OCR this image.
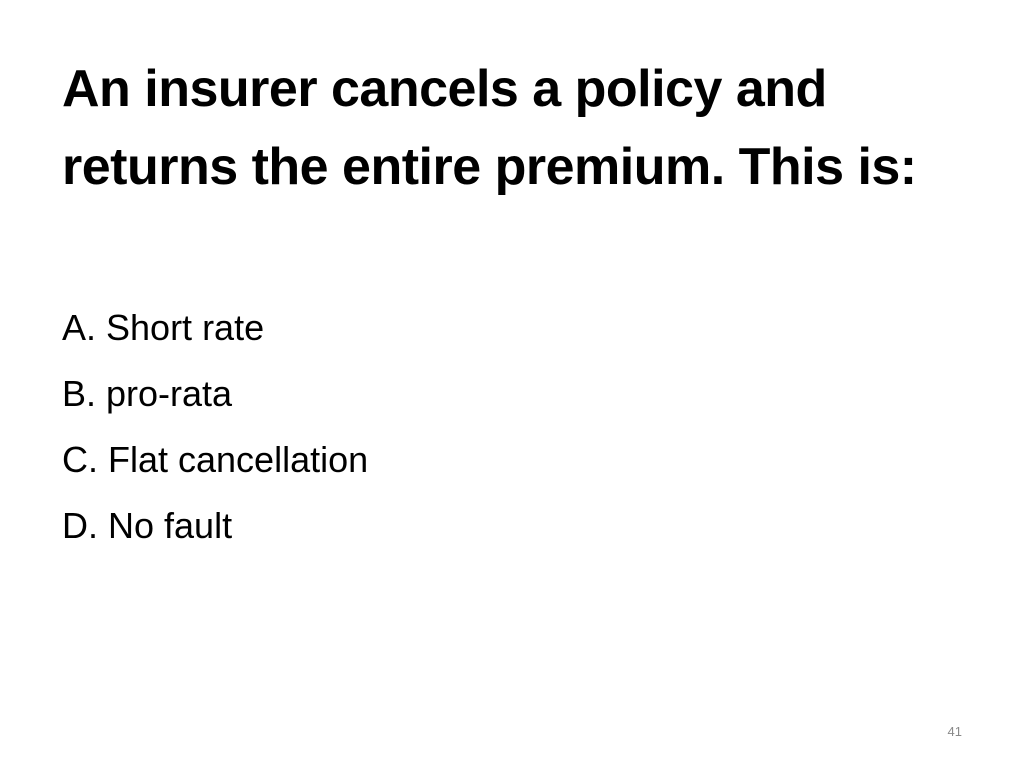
An insurer cancels a policy and returns the entire premium. This is:
A. Short rate
B. pro-rata
C. Flat cancellation
D. No fault
41
